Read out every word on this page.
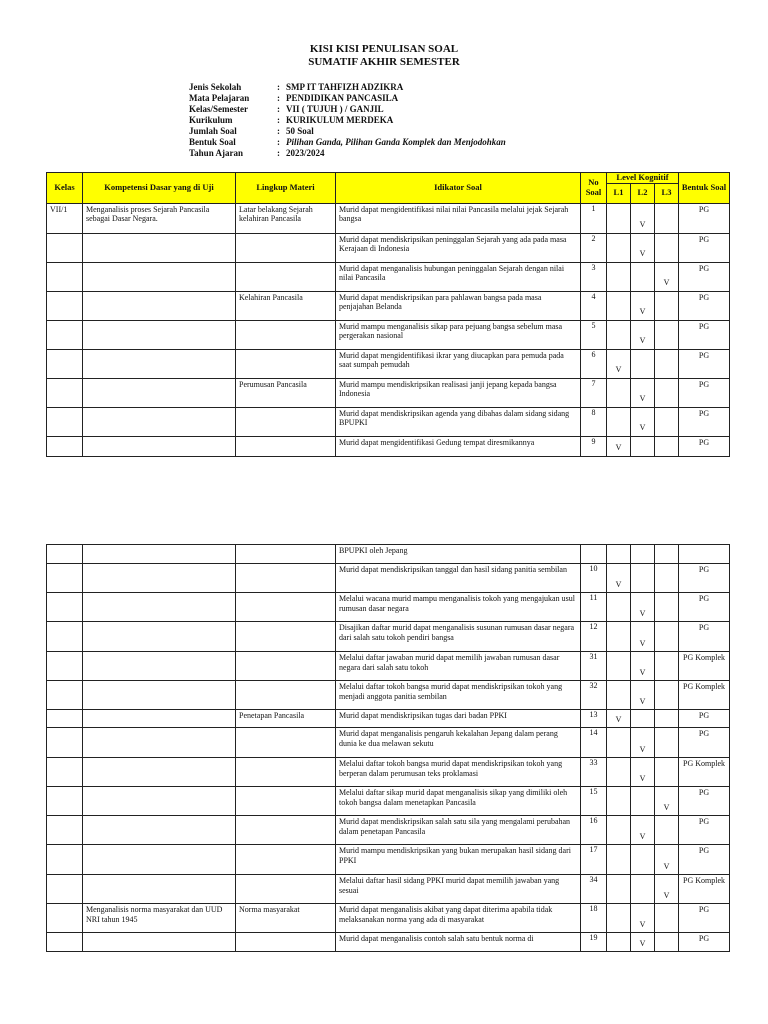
KISI KISI PENULISAN SOAL
SUMATIF AKHIR SEMESTER
Jenis Sekolah	: SMP IT TAHFIZH ADZIKRA
Mata Pelajaran	: PENDIDIKAN PANCASILA
Kelas/Semester	: VII ( TUJUH ) / GANJIL
Kurikulum	: KURIKULUM MERDEKA
Jumlah Soal	: 50 Soal
Bentuk Soal	: Pilihan Ganda, Pilihan Ganda Komplek dan Menjodohkan
Tahun Ajaran	: 2023/2024
Kelas	Kompetensi Dasar yang di Uji	Lingkup Materi	Idikator Soal	No Soal	Level Kognitif			Bentuk Soal
					L1	L2	L3	
VII/1	Menganalisis proses Sejarah Pancasila sebagai Dasar Negara.	Latar belakang Sejarah kelahiran Pancasila	Murid dapat mengidentifikasi nilai nilai Pancasila melalui jejak Sejarah bangsa	1		V		PG
			Murid dapat mendiskripsikan peninggalan Sejarah yang ada pada masa Kerajaan di Indonesia	2		V		PG
			Murid dapat menganalisis hubungan peninggalan Sejarah dengan nilai nilai Pancasila	3			V	PG
		Kelahiran Pancasila	Murid dapat mendiskripsikan para pahlawan bangsa pada masa penjajahan Belanda	4		V		PG
			Murid mampu menganalisis sikap para pejuang bangsa sebelum masa pergerakan nasional	5		V		PG
			Murid dapat mengidentifikasi ikrar yang diucapkan para pemuda pada saat sumpah pemudah	6	V			PG
		Perumusan Pancasila	Murid mampu mendiskripsikan realisasi janji jepang kepada bangsa Indonesia	7		V		PG
			Murid dapat mendiskripsikan agenda yang dibahas dalam sidang sidang BPUPKI	8		V		PG
			Murid dapat mengidentifikasi Gedung tempat diresmikannya	9	V			PG
			BPUPKI oleh Jepang					
			Murid dapat mendiskripsikan tanggal dan hasil sidang panitia sembilan	10	V			PG
			Melalui wacana murid mampu menganalisis tokoh yang mengajukan usul rumusan dasar negara	11		V		PG
			Disajikan daftar murid dapat menganalisis susunan rumusan dasar negara dari salah satu tokoh pendiri bangsa	12		V		PG
			Melalui daftar jawaban murid dapat memilih jawaban rumusan dasar negara dari salah satu tokoh	31		V		PG Komplek
			Melalui daftar tokoh bangsa murid dapat mendiskripsikan tokoh yang menjadi anggota panitia sembilan	32		V		PG Komplek
		Penetapan Pancasila	Murid dapat mendiskripsikan tugas dari badan PPKI	13	V			PG
			Murid dapat menganalisis pengaruh kekalahan Jepang dalam perang dunia ke dua melawan sekutu	14		V		PG
			Melalui daftar tokoh bangsa murid dapat mendiskripsikan tokoh yang berperan dalam perumusan teks proklamasi	33		V		PG Komplek
			Melalui daftar sikap murid dapat menganalisis sikap yang dimiliki oleh tokoh bangsa dalam menetapkan Pancasila	15			V	PG
			Murid dapat mendiskripsikan salah satu sila yang mengalami perubahan dalam penetapan Pancasila	16		V		PG
			Murid mampu mendiskripsikan yang bukan merupakan hasil sidang dari PPKI	17			V	PG
			Melalui daftar hasil sidang PPKI murid dapat memilih jawaban yang sesuai	34			V	PG Komplek
	Menganalisis norma masyarakat dan UUD NRI tahun 1945	Norma masyarakat	Murid dapat menganalisis akibat yang dapat diterima apabila tidak melaksanakan norma yang ada di masyarakat	18		V		PG
			Murid dapat menganalisis contoh salah satu bentuk norma di	19		V		PG
